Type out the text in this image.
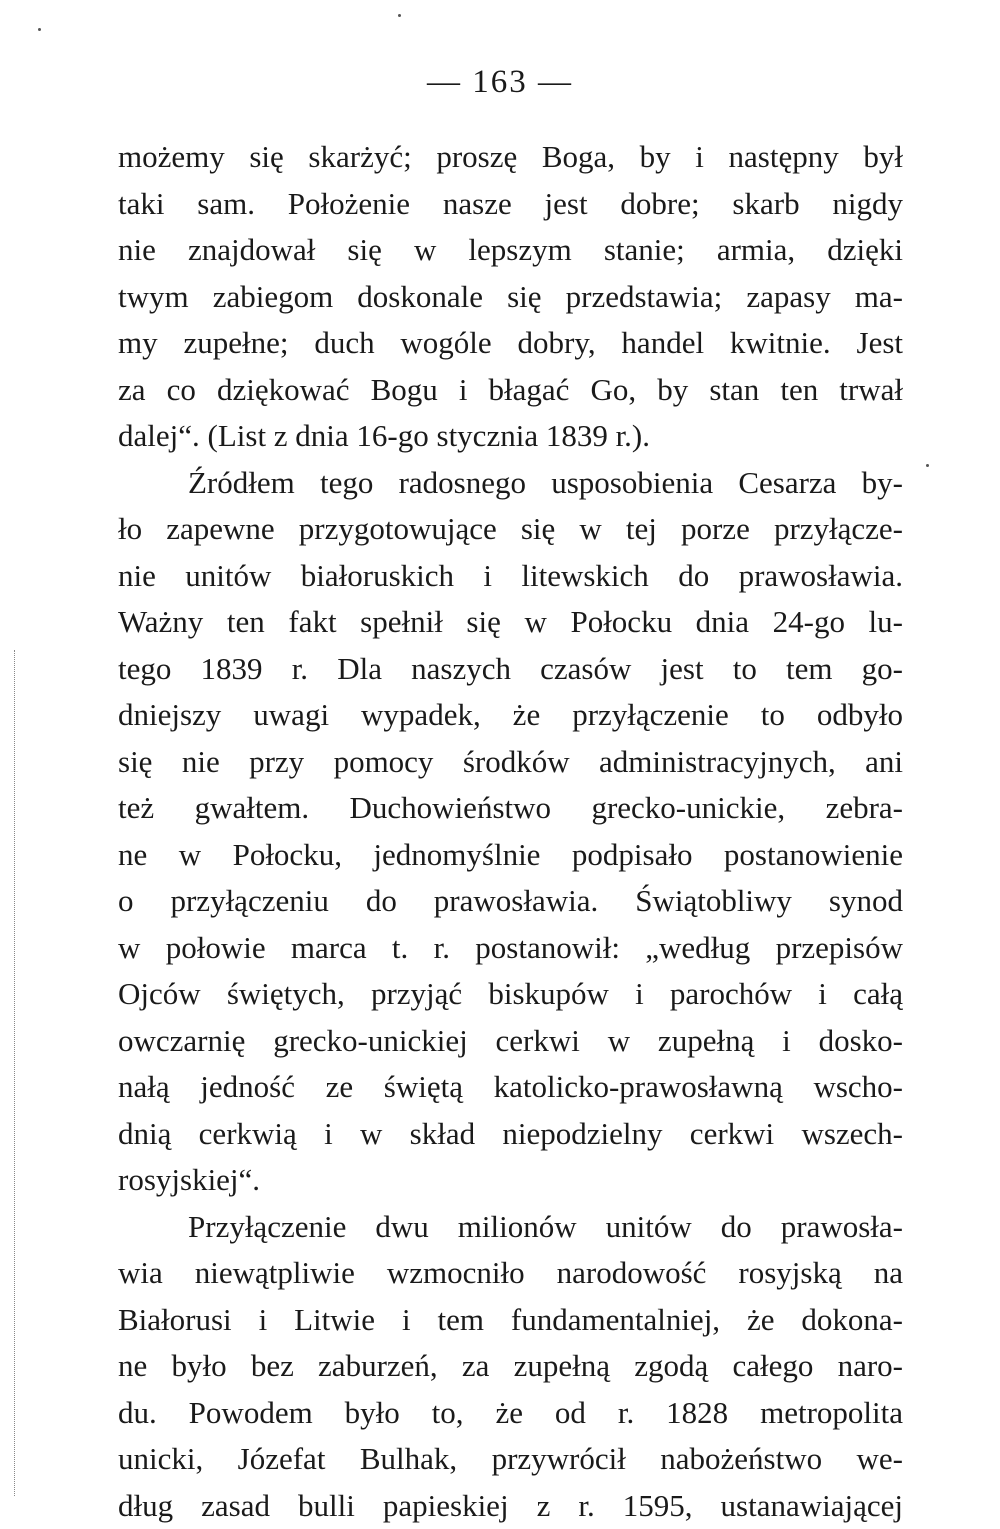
— 163 —
możemy się skarżyć; proszę Boga, by i następny był
taki sam. Położenie nasze jest dobre; skarb nigdy
nie znajdował się w lepszym stanie; armia, dzięki
twym zabiegom doskonale się przedstawia; zapasy ma-
my zupełne; duch wogóle dobry, handel kwitnie. Jest
za co dziękować Bogu i błagać Go, by stan ten trwał
dalej“. (List z dnia 16-go stycznia 1839 r.).
Źródłem tego radosnego usposobienia Cesarza by-
ło zapewne przygotowujące się w tej porze przyłącze-
nie unitów białoruskich i litewskich do prawosławia.
Ważny ten fakt spełnił się w Połocku dnia 24-go lu-
tego 1839 r. Dla naszych czasów jest to tem go-
dniejszy uwagi wypadek, że przyłączenie to odbyło
się nie przy pomocy środków administracyjnych, ani
też gwałtem. Duchowieństwo grecko-unickie, zebra-
ne w Połocku, jednomyślnie podpisało postanowienie
o przyłączeniu do prawosławia. Świątobliwy synod
w połowie marca t. r. postanowił: „według przepisów
Ojców świętych, przyjąć biskupów i parochów i całą
owczarnię grecko-unickiej cerkwi w zupełną i dosko-
nałą jedność ze świętą katolicko-prawosławną wscho-
dnią cerkwią i w skład niepodzielny cerkwi wszech-
rosyjskiej“.
Przyłączenie dwu milionów unitów do prawosła-
wia niewątpliwie wzmocniło narodowość rosyjską na
Białorusi i Litwie i tem fundamentalniej, że dokona-
ne było bez zaburzeń, za zupełną zgodą całego naro-
du. Powodem było to, że od r. 1828 metropolita
unicki, Józefat Bulhak, przywrócił nabożeństwo we-
dług zasad bulli papieskiej z r. 1595, ustanawiającej
